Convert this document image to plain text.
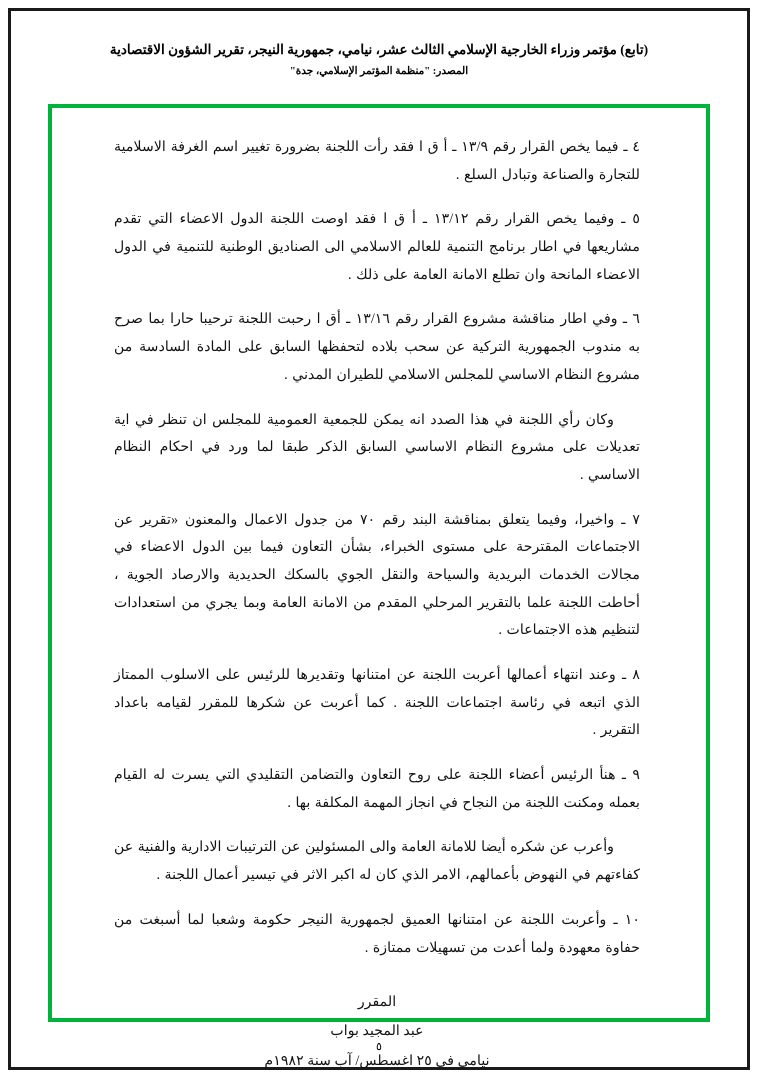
(تابع) مؤتمر وزراء الخارجية الإسلامي الثالث عشر، نيامي، جمهورية النيجر، تقرير الشؤون الاقتصادية
المصدر: "منظمة المؤتمر الإسلامي، جدة"

٤ ـ فيما يخص القرار رقم ١٣/٩ ـ أ ق ا فقد رأت اللجنة بضرورة تغيير اسم الغرفة الاسلامية للتجارة والصناعة وتبادل السلع .

٥ ـ وفيما يخص القرار رقم ١٣/١٢ ـ أ ق ا فقد اوصت اللجنة الدول الاعضاء التي تقدم مشاريعها في اطار برنامج التنمية للعالم الاسلامي الى الصناديق الوطنية للتنمية في الدول الاعضاء المانحة وان تطلع الامانة العامة على ذلك .

٦ ـ وفي اطار مناقشة مشروع القرار رقم ١٣/١٦ ـ أق ا رحبت اللجنة ترحيبا حارا بما صرح به مندوب الجمهورية التركية عن سحب بلاده لتحفظها السابق على المادة السادسة من مشروع النظام الاساسي للمجلس الاسلامي للطيران المدني .

وكان رأي اللجنة في هذا الصدد انه يمكن للجمعية العمومية للمجلس ان تنظر في اية تعديلات على مشروع النظام الاساسي السابق الذكر طبقا لما ورد في احكام النظام الاساسي .

٧ ـ واخيرا، وفيما يتعلق بمناقشة البند رقم ٧٠ من جدول الاعمال والمعنون «تقرير عن الاجتماعات المقترحة على مستوى الخبراء، بشأن التعاون فيما بين الدول الاعضاء في مجالات الخدمات البريدية والسياحة والنقل الجوي بالسكك الحديدية والارصاد الجوية ، أحاطت اللجنة علما بالتقرير المرحلي المقدم من الامانة العامة وبما يجري من استعدادات لتنظيم هذه الاجتماعات .

٨ ـ وعند انتهاء أعمالها أعربت اللجنة عن امتنانها وتقديرها للرئيس على الاسلوب الممتاز الذي اتبعه في رئاسة اجتماعات اللجنة . كما أعربت عن شكرها للمقرر لقيامه باعداد التقرير .

٩ ـ هنأ الرئيس أعضاء اللجنة على روح التعاون والتضامن التقليدي التي يسرت له القيام بعمله ومكنت اللجنة من النجاح في انجاز المهمة المكلفة بها .

وأعرب عن شكره أيضا للامانة العامة والى المسئولين عن الترتيبات الادارية والفنية عن كفاءتهم في النهوض بأعمالهم، الامر الذي كان له اكبر الاثر في تيسير أعمال اللجنة .

١٠ ـ وأعربت اللجنة عن امتنانها العميق لجمهورية النيجر حكومة وشعبا لما أسبغت من حفاوة معهودة ولما أعدت من تسهيلات ممتازة .

المقرر
عبد المجيد بواب
نيامي في ٢٥ اغسطس/ آب سنة ١٩٨٢م
٥
